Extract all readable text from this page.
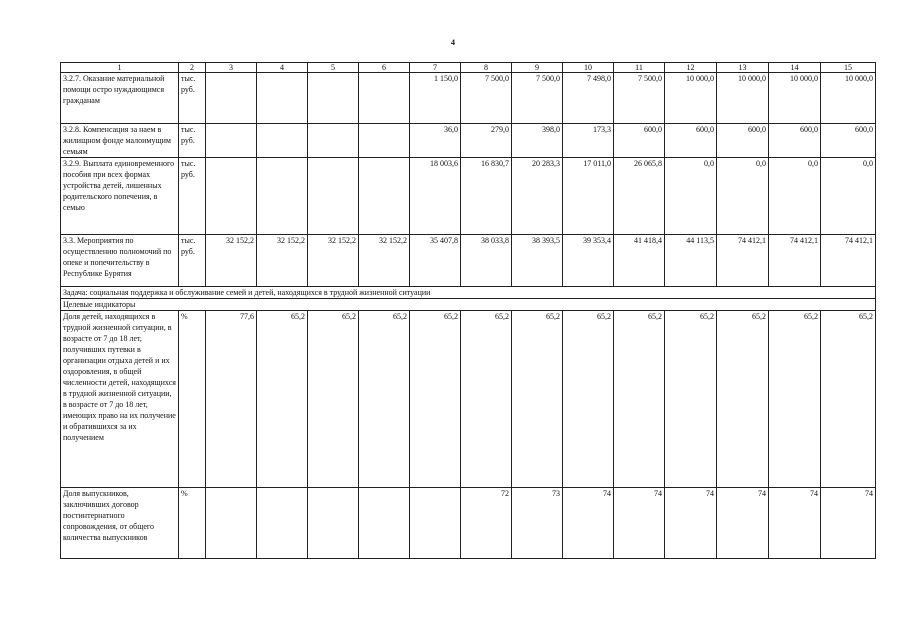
4
1	2	3	4	5	6	7	8	9	10	11	12	13	14	15
3.2.7. Оказание материальной помощи остро нуждающимся гражданам	тыс. руб.					1 150,0	7 500,0	7 500,0	7 498,0	7 500,0	10 000,0	10 000,0	10 000,0	10 000,0
3.2.8. Компенсация за наем в жилищном фонде малоимущим семьям	тыс. руб.					36,0	279,0	398,0	173,3	600,0	600,0	600,0	600,0	600,0
3.2.9. Выплата единовременного пособия при всех формах устройства детей, лишенных родительского попечения, в семью	тыс. руб.					18 003,6	16 830,7	20 283,3	17 011,0	26 065,8	0,0	0,0	0,0	0,0
3.3. Мероприятия по осуществлению полномочий по опеке и попечительству в Республике Бурятия	тыс. руб.	32 152,2	32 152,2	32 152,2	32 152,2	35 407,8	38 033,8	38 393,5	39 353,4	41 418,4	44 113,5	74 412,1	74 412,1	74 412,1
Задача: социальная поддержка и обслуживание семей и детей, находящихся в трудной жизненной ситуации														
Целевые индикаторы														
Доля детей, находящихся в трудной жизненной ситуации, в возрасте от 7 до 18 лет, получивших путевки в организации отдыха детей и их оздоровления, в общей численности детей, находящихся в трудной жизненной ситуации, в возрасте от 7 до 18 лет, имеющих право на их получение и обратившихся за их получением	%	77,6	65,2	65,2	65,2	65,2	65,2	65,2	65,2	65,2	65,2	65,2	65,2	65,2
Доля выпускников, заключивших договор постинтернатного сопровождения, от общего количества выпускников	%						72	73	74	74	74	74	74	74
